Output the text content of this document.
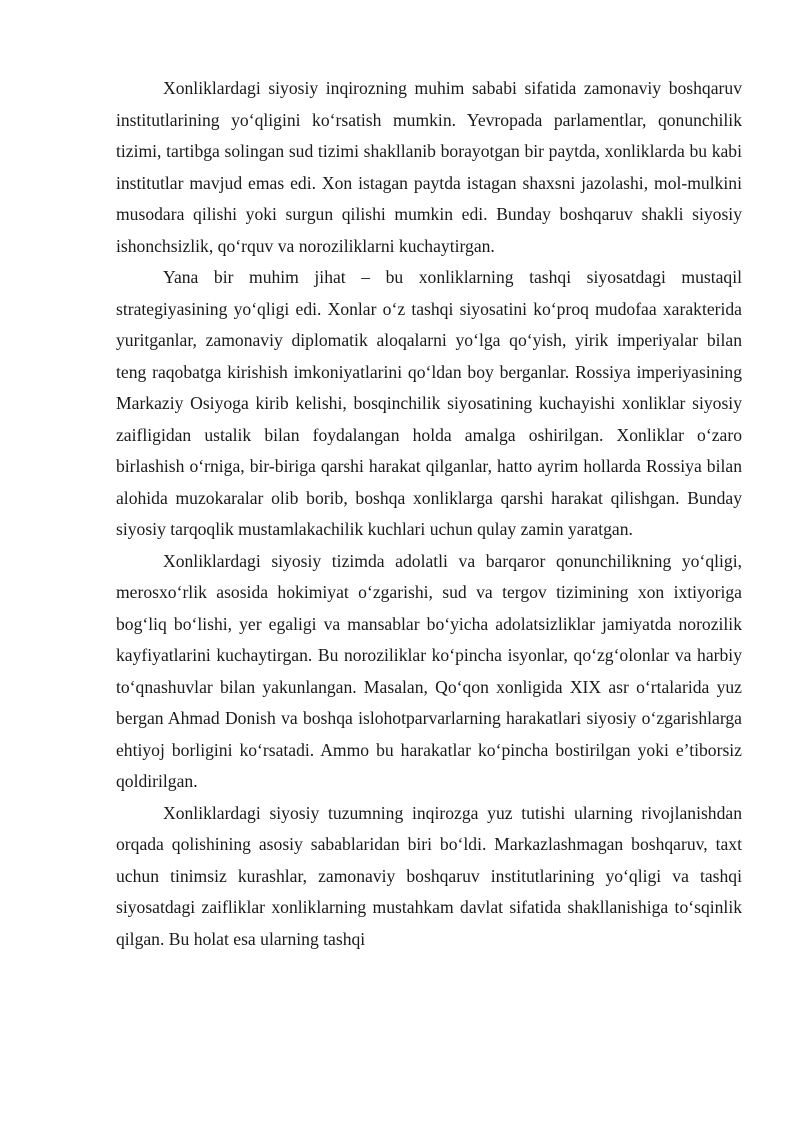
Xonliklardagi siyosiy inqirozning muhim sababi sifatida zamonaviy boshqaruv institutlarining yo‘qligini ko‘rsatish mumkin. Yevropada parlamentlar, qonunchilik tizimi, tartibga solingan sud tizimi shakllanib borayotgan bir paytda, xonliklarda bu kabi institutlar mavjud emas edi. Xon istagan paytda istagan shaxsni jazolashi, mol-mulkini musodara qilishi yoki surgun qilishi mumkin edi. Bunday boshqaruv shakli siyosiy ishonchsizlik, qo‘rquv va noroziliklarni kuchaytirgan.

Yana bir muhim jihat – bu xonliklarning tashqi siyosatdagi mustaqil strategiyasining yo‘qligi edi. Xonlar o‘z tashqi siyosatini ko‘proq mudofaa xarakterida yuritganlar, zamonaviy diplomatik aloqalarni yo‘lga qo‘yish, yirik imperiyalar bilan teng raqobatga kirishish imkoniyatlarini qo‘ldan boy berganlar. Rossiya imperiyasining Markaziy Osiyoga kirib kelishi, bosqinchilik siyosatining kuchayishi xonliklar siyosiy zaifligidan ustalik bilan foydalangan holda amalga oshirilgan. Xonliklar o‘zaro birlashish o‘rniga, bir-biriga qarshi harakat qilganlar, hatto ayrim hollarda Rossiya bilan alohida muzokaralar olib borib, boshqa xonliklarga qarshi harakat qilishgan. Bunday siyosiy tarqoqlik mustamlakachilik kuchlari uchun qulay zamin yaratgan.

Xonliklardagi siyosiy tizimda adolatli va barqaror qonunchilikning yo‘qligi, merosxo‘rlik asosida hokimiyat o‘zgarishi, sud va tergov tizimining xon ixtiyoriga bog‘liq bo‘lishi, yer egaligi va mansablar bo‘yicha adolatsizliklar jamiyatda norozilik kayfiyatlarini kuchaytirgan. Bu noroziliklar ko‘pincha isyonlar, qo‘zg‘olonlar va harbiy to‘qnashuvlar bilan yakunlangan. Masalan, Qo‘qon xonligida XIX asr o‘rtalarida yuz bergan Ahmad Donish va boshqa islohotparvarlarning harakatlari siyosiy o‘zgarishlarga ehtiyoj borligini ko‘rsatadi. Ammo bu harakatlar ko‘pincha bostirilgan yoki e’tiborsiz qoldirilgan.

Xonliklardagi siyosiy tuzumning inqirozga yuz tutishi ularning rivojlanishdan orqada qolishining asosiy sabablaridan biri bo‘ldi. Markazlashmagan boshqaruv, taxt uchun tinimsiz kurashlar, zamonaviy boshqaruv institutlarining yo‘qligi va tashqi siyosatdagi zaifliklar xonliklarning mustahkam davlat sifatida shakllanishiga to‘sqinlik qilgan. Bu holat esa ularning tashqi
